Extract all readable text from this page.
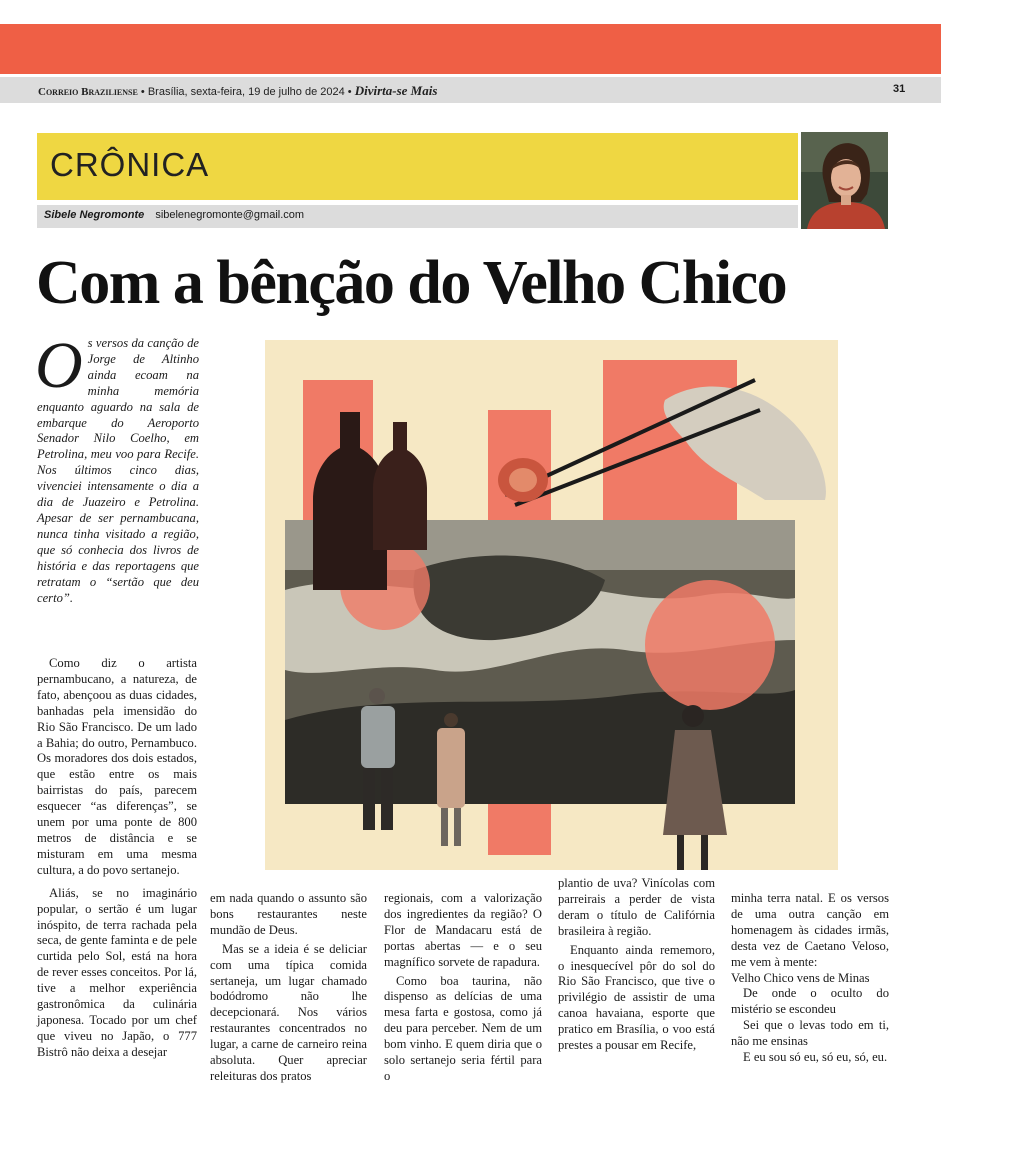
Correio Braziliense • Brasília, sexta-feira, 19 de julho de 2024 • Divirta-se Mais	31
CRÔNICA
Sibele Negromonte sibelenegromonte@gmail.com
Com a bênção do Velho Chico
Os versos da canção de Jorge de Altinho ainda ecoam na minha memória enquanto aguardo na sala de embarque do Aeroporto Senador Nilo Coelho, em Petrolina, meu voo para Recife. Nos últimos cinco dias, vivenciei intensamente o dia a dia de Juazeiro e Petrolina. Apesar de ser pernambucana, nunca tinha visitado a região, que só conhecia dos livros de história e das reportagens que retratam o “sertão que deu certo”.

Como diz o artista pernambucano, a natureza, de fato, abençoou as duas cidades, banhadas pela imensidão do Rio São Francisco. De um lado a Bahia; do outro, Pernambuco. Os moradores dos dois estados, que estão entre os mais bairristas do país, parecem esquecer “as diferenças”, se unem por uma ponte de 800 metros de distância e se misturam em uma mesma cultura, a do povo sertanejo.

Aliás, se no imaginário popular, o sertão é um lugar inóspito, de terra rachada pela seca, de gente faminta e de pele curtida pelo Sol, está na hora de rever esses conceitos. Por lá, tive a melhor experiência gastronômica da culinária japonesa. Tocado por um chef que viveu no Japão, o 777 Bistrô não deixa a desejar

em nada quando o assunto são bons restaurantes neste mundão de Deus.

Mas se a ideia é se deliciar com uma típica comida sertaneja, um lugar chamado bodódromo não lhe decepcionará. Nos vários restaurantes concentrados no lugar, a carne de carneiro reina absoluta. Quer apreciar releituras dos pratos

regionais, com a valorização dos ingredientes da região? O Flor de Mandacaru está de portas abertas — e o seu magnífico sorvete de rapadura.

Como boa taurina, não dispenso as delícias de uma mesa farta e gostosa, como já deu para perceber. Nem de um bom vinho. E quem diria que o solo sertanejo seria fértil para o

plantio de uva? Vinícolas com parreirais a perder de vista deram o título de Califórnia brasileira à região.

Enquanto ainda rememoro, o inesquecível pôr do sol do Rio São Francisco, que tive o privilégio de assistir de uma canoa havaiana, esporte que pratico em Brasília, o voo está prestes a pousar em Recife,

minha terra natal. E os versos de uma outra canção em homenagem às cidades irmãs, desta vez de Caetano Veloso, me vem à mente:

Velho Chico vens de Minas

De onde o oculto do mistério se escondeu

Sei que o levas todo em ti, não me ensinas

E eu sou só eu, só eu, só, eu.
